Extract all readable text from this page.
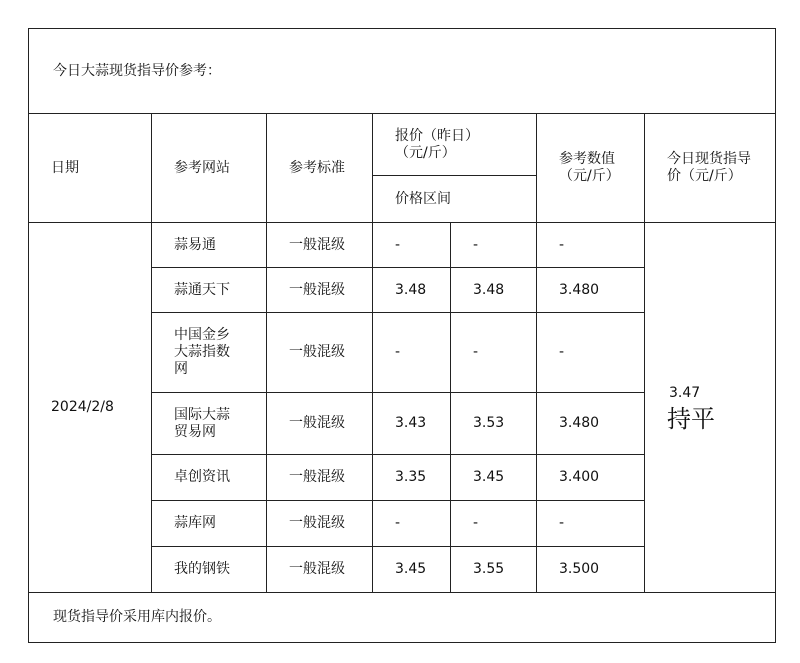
今日大蒜现货指导价参考：						
日期	参考网站	参考标准	报价（昨日）（元/斤）		参考数值（元/斤）	今日现货指导价（元/斤）

			价格区间			
2024/2/8	蒜易通	一般混级	-	-	-	3.47
持平

	蒜通天下	一般混级	3.48	3.48	3.480	

	中国金乡大蒜指数网	一般混级	-	-	-	

	国际大蒜贸易网	一般混级	3.43	3.53	3.480	
	卓创资讯	一般混级	3.35	3.45	3.400	
	蒜库网	一般混级	-	-	-	
	我的钢铁	一般混级	3.45	3.55	3.500	
现货指导价采用库内报价。						
